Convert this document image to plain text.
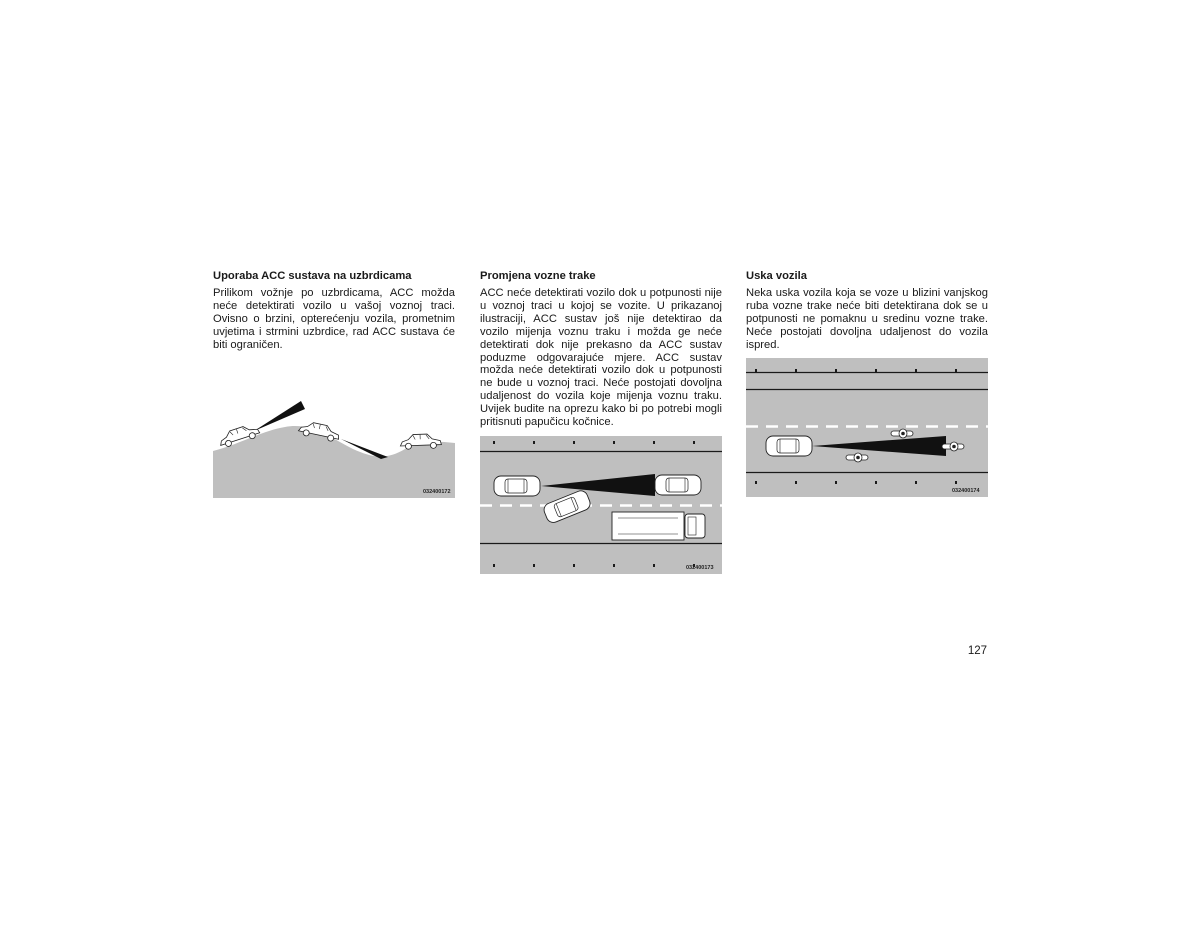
Uporaba ACC sustava na uzbrdicama

Prilikom vožnje po uzbrdicama, ACC možda neće detektirati vozilo u vašoj voznoj traci. Ovisno o brzini, opterećenju vozila, prometnim uvjetima i strmini uzbrdice, rad ACC sustava će biti ograničen.

Promjena vozne trake

ACC neće detektirati vozilo dok u potpunosti nije u voznoj traci u kojoj se vozite. U prikazanoj ilustraciji, ACC sustav još nije detektirao da vozilo mijenja voznu traku i možda ge neće detektirati dok nije prekasno da ACC sustav poduzme odgovarajuće mjere. ACC sustav možda neće detektirati vozilo dok u potpunosti ne bude u voznoj traci. Neće postojati dovoljna udaljenost do vozila koje mijenja voznu traku. Uvijek budite na oprezu kako bi po potrebi mogli pritisnuti papučicu kočnice.

Uska vozila

Neka uska vozila koja se voze u blizini vanjskog ruba vozne trake neće biti detektirana dok se u potpunosti ne pomaknu u sredinu vozne trake. Neće postojati dovoljna udaljenost do vozila ispred.

032400172
032400173
032400174
127
